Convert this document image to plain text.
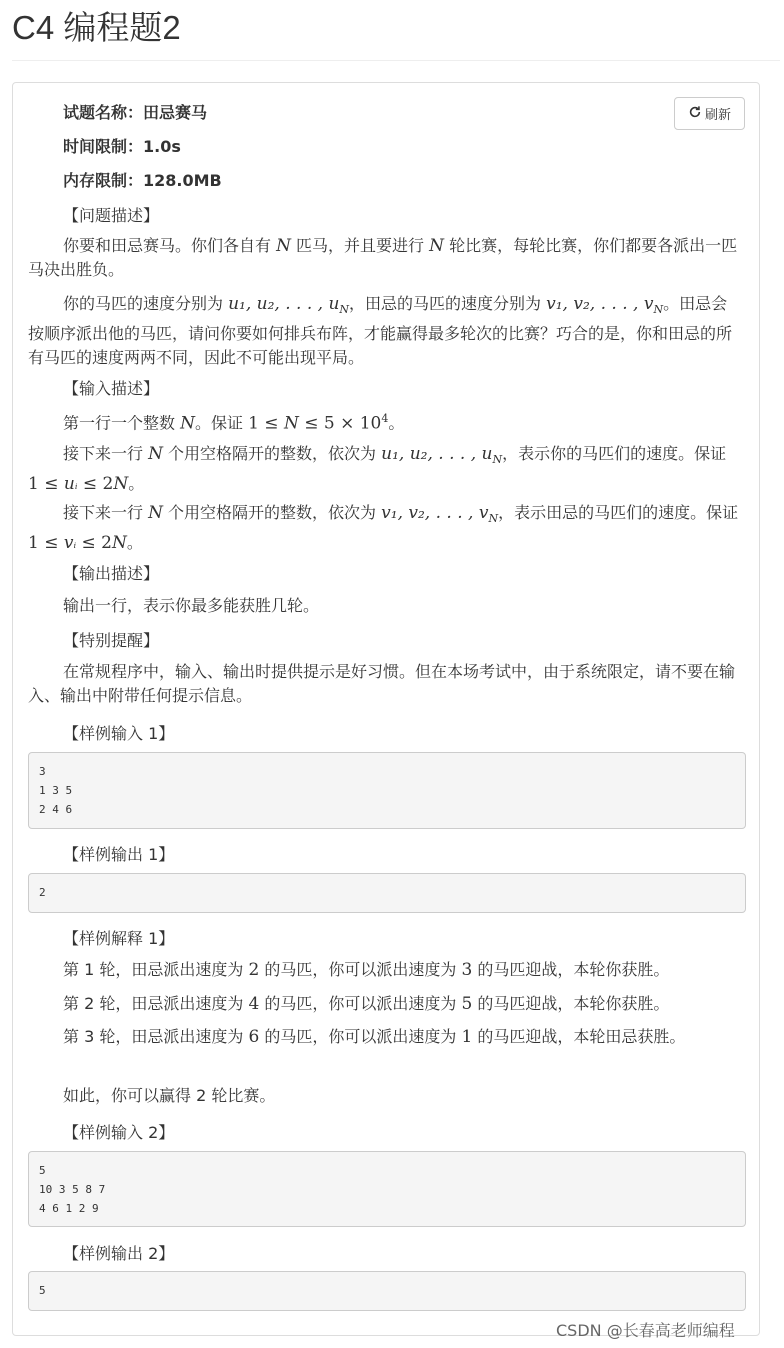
C4 编程题2
刷新
试题名称：田忌赛马
时间限制：1.0s
内存限制：128.0MB
【问题描述】

你要和田忌赛马。你们各自有 N 匹马，并且要进行 N 轮比赛，每轮比赛，你们都要各派出一匹马决出胜负。

你的马匹的速度分别为 u₁, u₂, . . . , $u_N$，田忌的马匹的速度分别为 v₁, v₂, . . . , $v_N$。田忌会按顺序派出他的马匹，请问你要如何排兵布阵，才能赢得最多轮次的比赛？巧合的是，你和田忌的所有马匹的速度两两不同，因此不可能出现平局。

【输入描述】

第一行一个整数 N。保证 $1 \le N \le 5 \times 10^4$。

接下来一行 N 个用空格隔开的整数，依次为 u₁, u₂, . . . , $u_N$，表示你的马匹们的速度。保证 1 ≤ uᵢ ≤ 2N。

接下来一行 N 个用空格隔开的整数，依次为 v₁, v₂, . . . , $v_N$，表示田忌的马匹们的速度。保证 1 ≤ vᵢ ≤ 2N。

【输出描述】

输出一行，表示你最多能获胜几轮。

【特别提醒】

在常规程序中，输入、输出时提供提示是好习惯。但在本场考试中，由于系统限定，请不要在输入、输出中附带任何提示信息。

【样例输入 1】
3
1 3 5
2 4 6
【样例输出 1】
2
【样例解释 1】

第 1 轮，田忌派出速度为 2 的马匹，你可以派出速度为 3 的马匹迎战，本轮你获胜。

第 2 轮，田忌派出速度为 4 的马匹，你可以派出速度为 5 的马匹迎战，本轮你获胜。

第 3 轮，田忌派出速度为 6 的马匹，你可以派出速度为 1 的马匹迎战，本轮田忌获胜。

如此，你可以赢得 2 轮比赛。

【样例输入 2】
5
10 3 5 8 7
4 6 1 2 9
【样例输出 2】
5
CSDN @长春高老师编程
